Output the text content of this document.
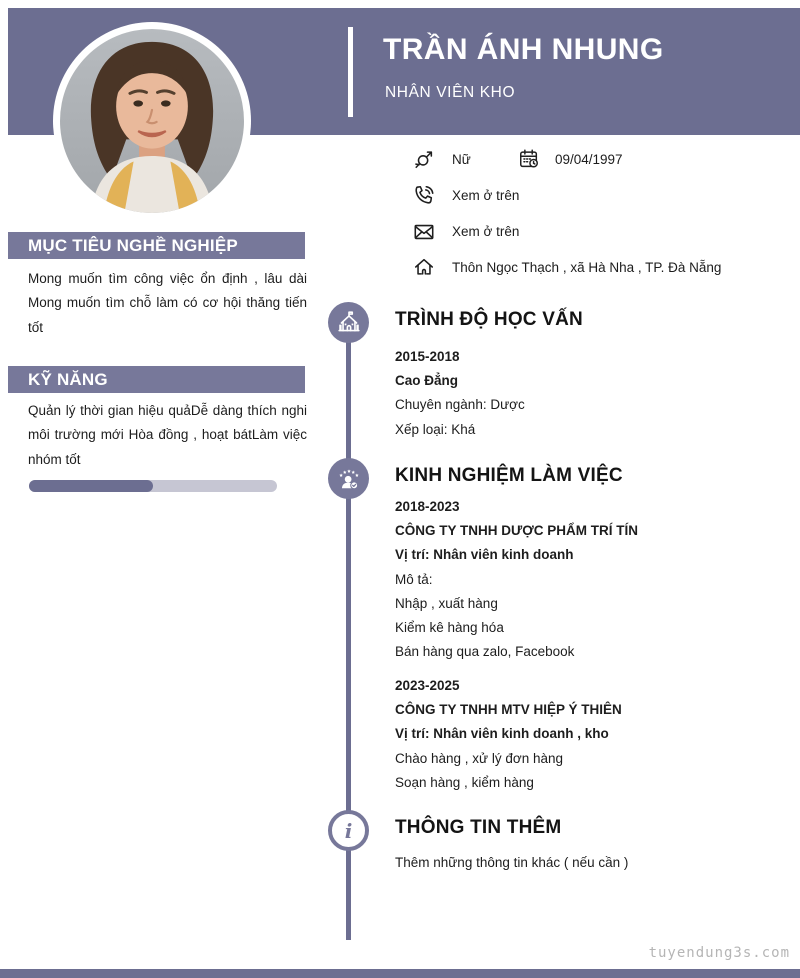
TRẦN ÁNH NHUNG
NHÂN VIÊN KHO
Nữ	09/04/1997
Xem ở trên
Xem ở trên
Thôn Ngọc Thạch , xã Hà Nha , TP. Đà Nẵng
MỤC TIÊU NGHỀ NGHIỆP
Mong muốn tìm công việc ổn định , lâu dài Mong muốn tìm chỗ làm có cơ hội thăng tiến tốt
KỸ NĂNG
Quản lý thời gian hiệu quảDễ dàng thích nghi môi trường mới Hòa đồng , hoạt bátLàm việc nhóm tốt
TRÌNH ĐỘ HỌC VẤN
2015-2018
Cao Đẳng
Chuyên ngành: Dược
Xếp loại: Khá
KINH NGHIỆM LÀM VIỆC
2018-2023
CÔNG TY TNHH DƯỢC PHẨM TRÍ TÍN
Vị trí: Nhân viên kinh doanh
Mô tả:
Nhập , xuất hàng
Kiểm kê hàng hóa
Bán hàng qua zalo, Facebook
2023-2025
CÔNG TY TNHH MTV HIỆP Ý THIÊN
Vị trí: Nhân viên kinh doanh , kho
Chào hàng , xử lý đơn hàng
Soạn hàng , kiểm hàng
i	THÔNG TIN THÊM
Thêm những thông tin khác ( nếu cần )
tuyendung3s.com
